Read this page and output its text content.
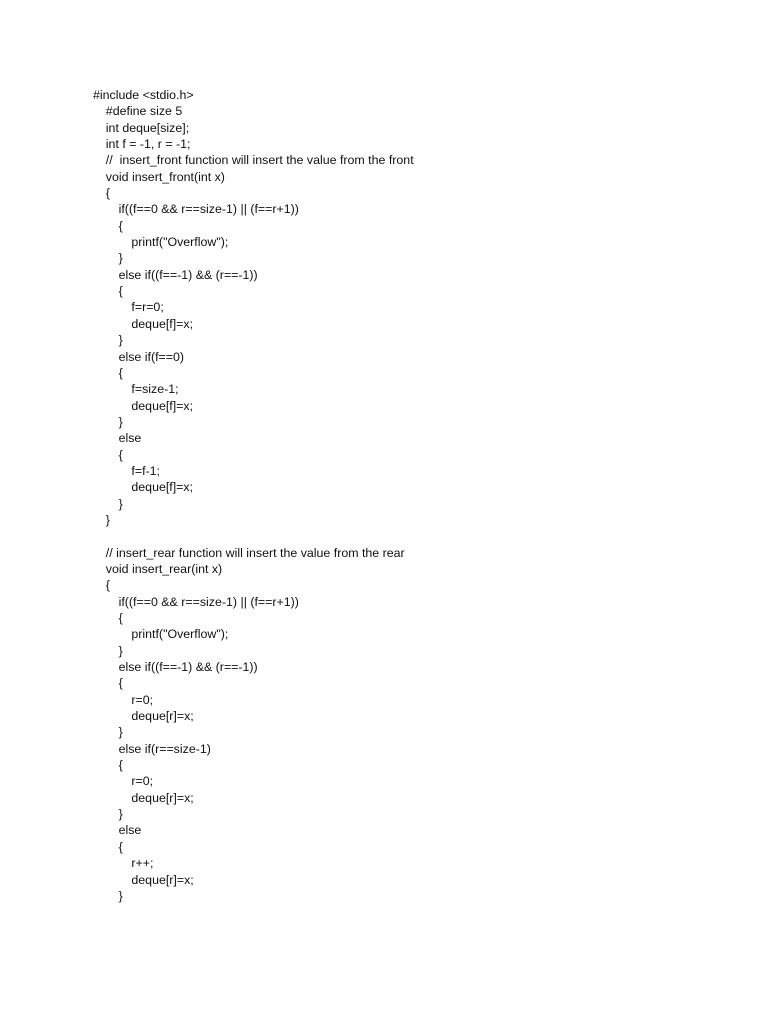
#include <stdio.h>
#define size 5
int deque[size];
int f = -1, r = -1;
//  insert_front function will insert the value from the front
void insert_front(int x)
{
if((f==0 && r==size-1) || (f==r+1))
{
printf("Overflow");
}
else if((f==-1) && (r==-1))
{
f=r=0;
deque[f]=x;
}
else if(f==0)
{
f=size-1;
deque[f]=x;
}
else
{
f=f-1;
deque[f]=x;
}
}
// insert_rear function will insert the value from the rear
void insert_rear(int x)
{
if((f==0 && r==size-1) || (f==r+1))
{
printf("Overflow");
}
else if((f==-1) && (r==-1))
{
r=0;
deque[r]=x;
}
else if(r==size-1)
{
r=0;
deque[r]=x;
}
else
{
r++;
deque[r]=x;
}
